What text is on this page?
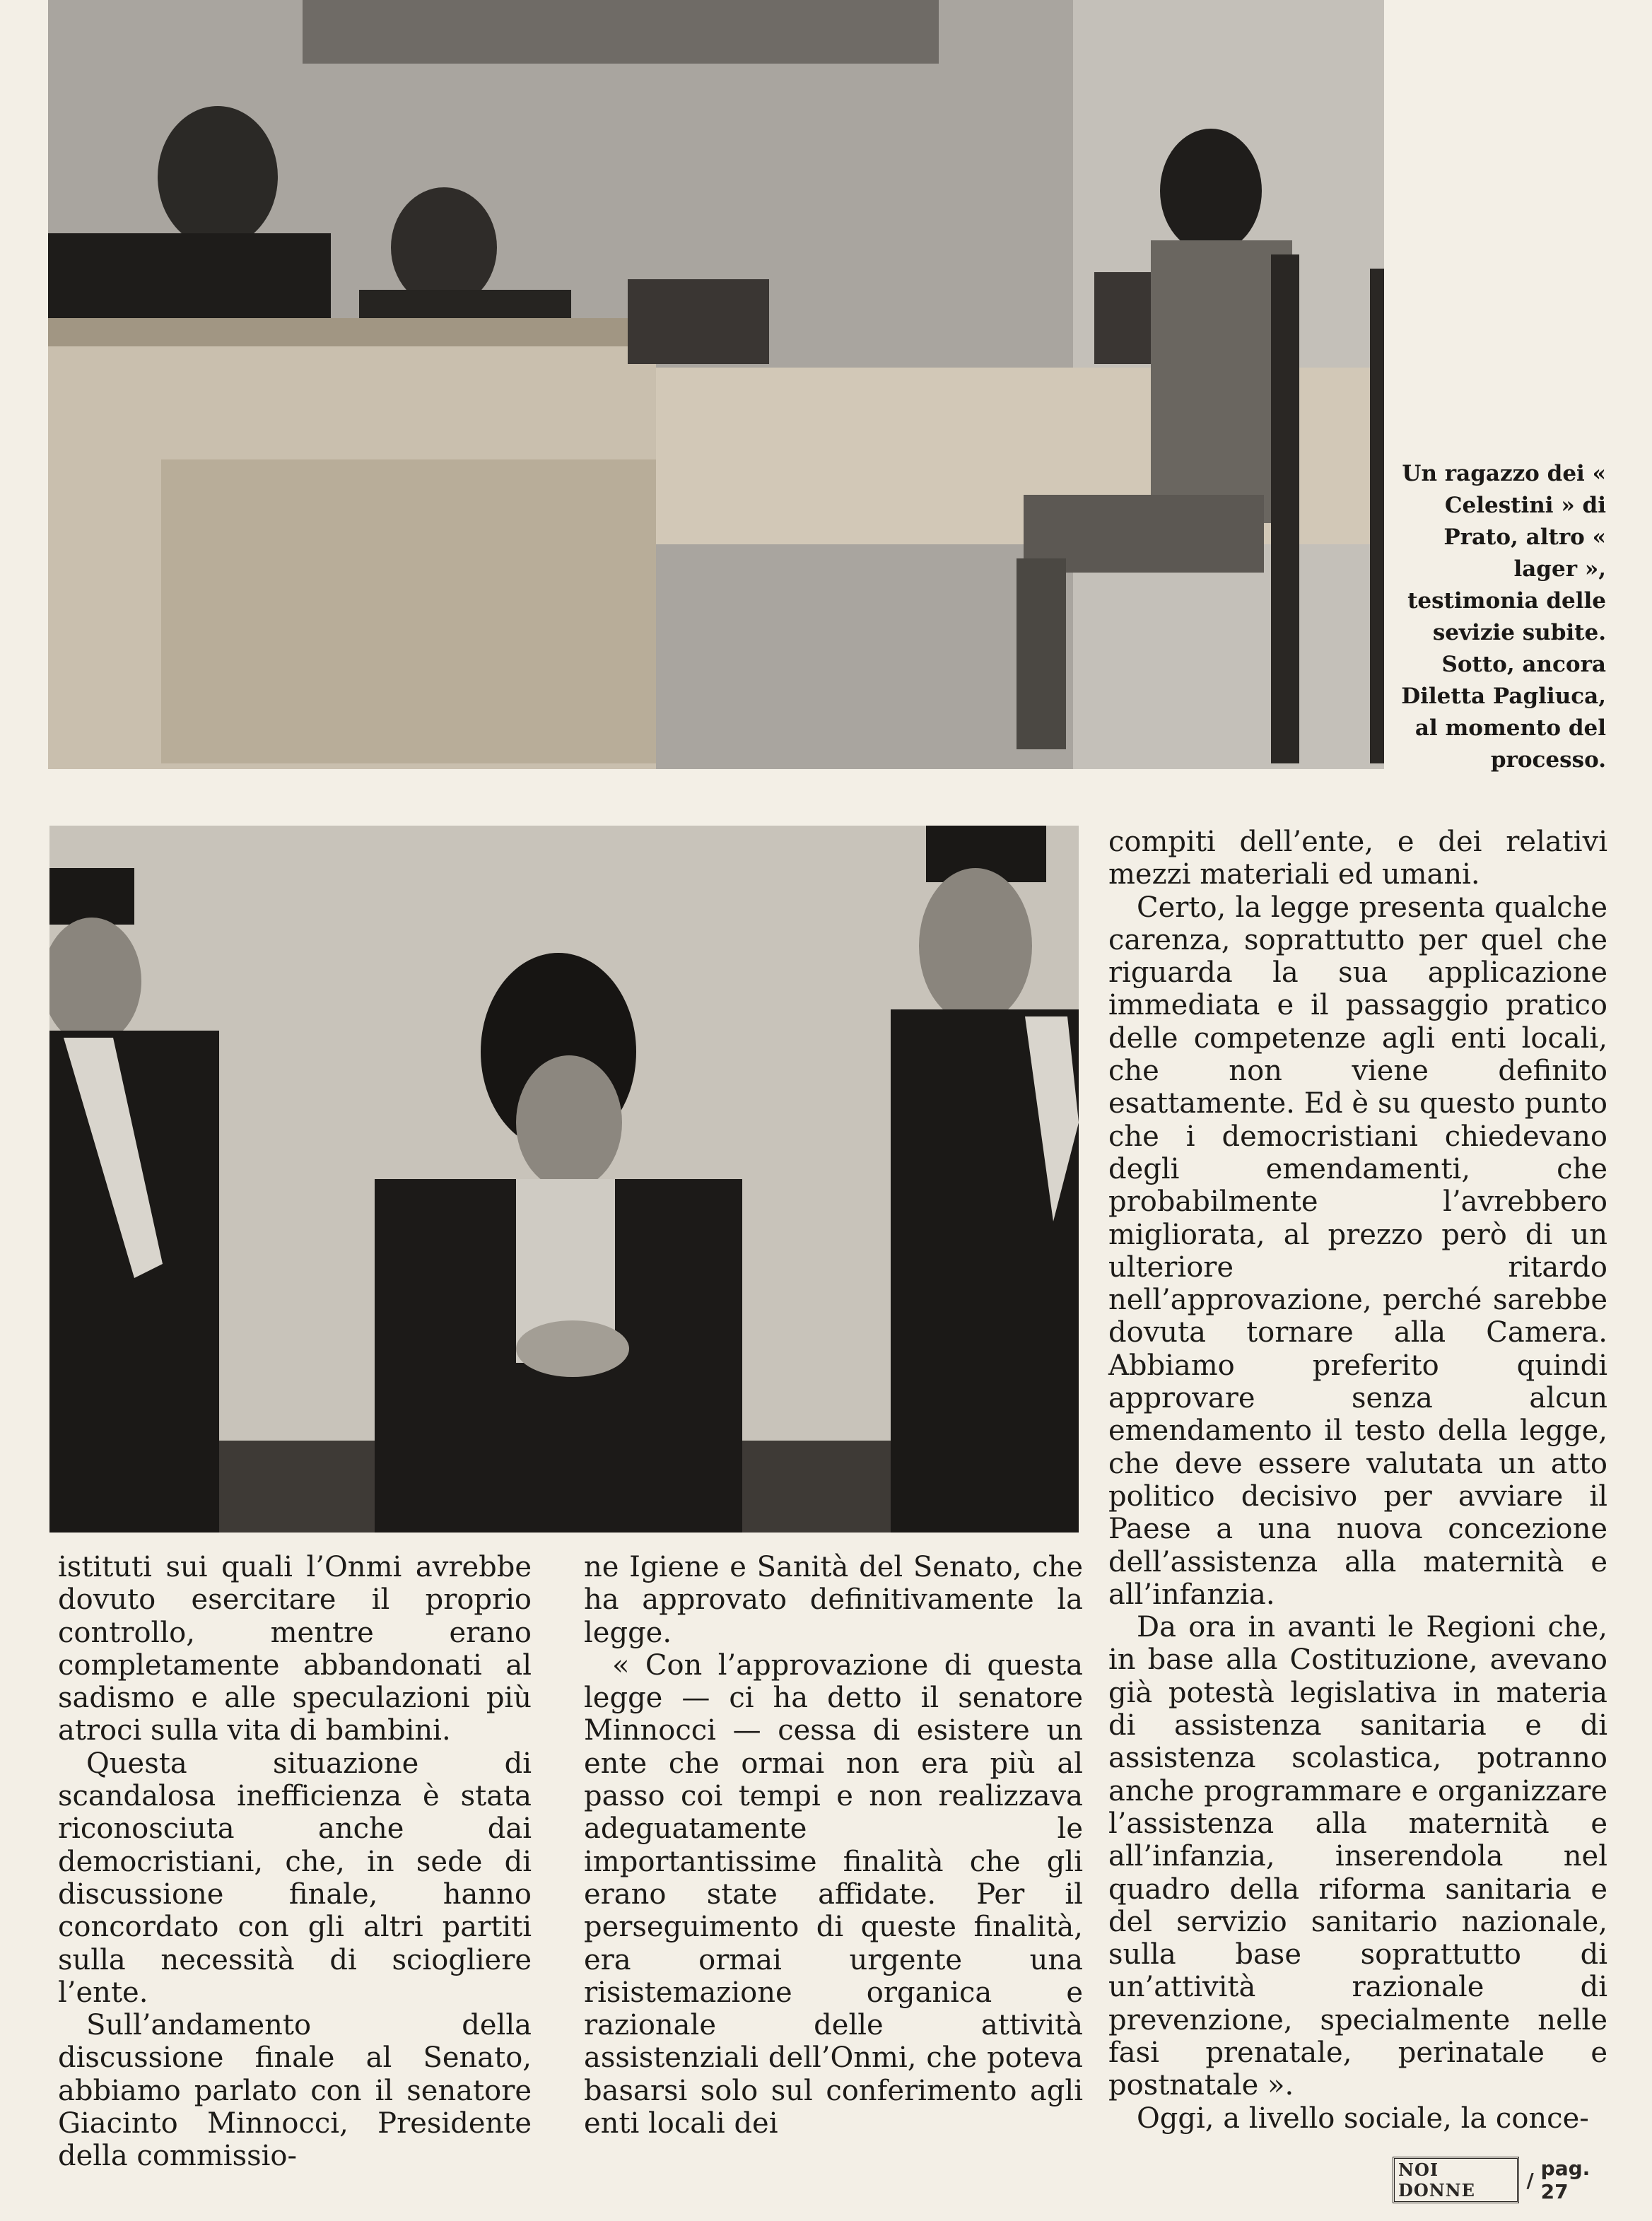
Un ragazzo dei « Celestini » di Prato, altro « lager », testimonia delle sevizie subite. Sotto, ancora Diletta Pagliuca, al momento del processo.

istituti sui quali l’Onmi avrebbe dovuto esercitare il proprio controllo, mentre erano completamente abbandonati al sadismo e alle speculazioni più atroci sulla vita di bambini.

Questa situazione di scandalosa inefficienza è stata riconosciuta anche dai democristiani, che, in sede di discussione finale, hanno concordato con gli altri partiti sulla necessità di sciogliere l’ente.

Sull’andamento della discussione finale al Senato, abbiamo parlato con il senatore Giacinto Minnocci, Presidente della commissio-

ne Igiene e Sanità del Senato, che ha approvato definitivamente la legge.

« Con l’approvazione di questa legge — ci ha detto il senatore Minnocci — cessa di esistere un ente che ormai non era più al passo coi tempi e non realizzava adeguatamente le importantissime finalità che gli erano state affidate. Per il perseguimento di queste finalità, era ormai urgente una risistemazione organica e razionale delle attività assistenziali dell’Onmi, che poteva basarsi solo sul conferimento agli enti locali dei

compiti dell’ente, e dei relativi mezzi materiali ed umani.

Certo, la legge presenta qualche carenza, soprattutto per quel che riguarda la sua applicazione immediata e il passaggio pratico delle competenze agli enti locali, che non viene definito esattamente. Ed è su questo punto che i democristiani chiedevano degli emendamenti, che probabilmente l’avrebbero migliorata, al prezzo però di un ulteriore ritardo nell’approvazione, perché sarebbe dovuta tornare alla Camera. Abbiamo preferito quindi approvare senza alcun emendamento il testo della legge, che deve essere valutata un atto politico decisivo per avviare il Paese a una nuova concezione dell’assistenza alla maternità e all’infanzia.

Da ora in avanti le Regioni che, in base alla Costituzione, avevano già potestà legislativa in materia di assistenza sanitaria e di assistenza scolastica, potranno anche programmare e organizzare l’assistenza alla maternità e all’infanzia, inserendola nel quadro della riforma sanitaria e del servizio sanitario nazionale, sulla base soprattutto di un’attività razionale di prevenzione, specialmente nelle fasi prenatale, perinatale e postnatale ».

Oggi, a livello sociale, la conce-

NOI DONNE	/ pag. 27
